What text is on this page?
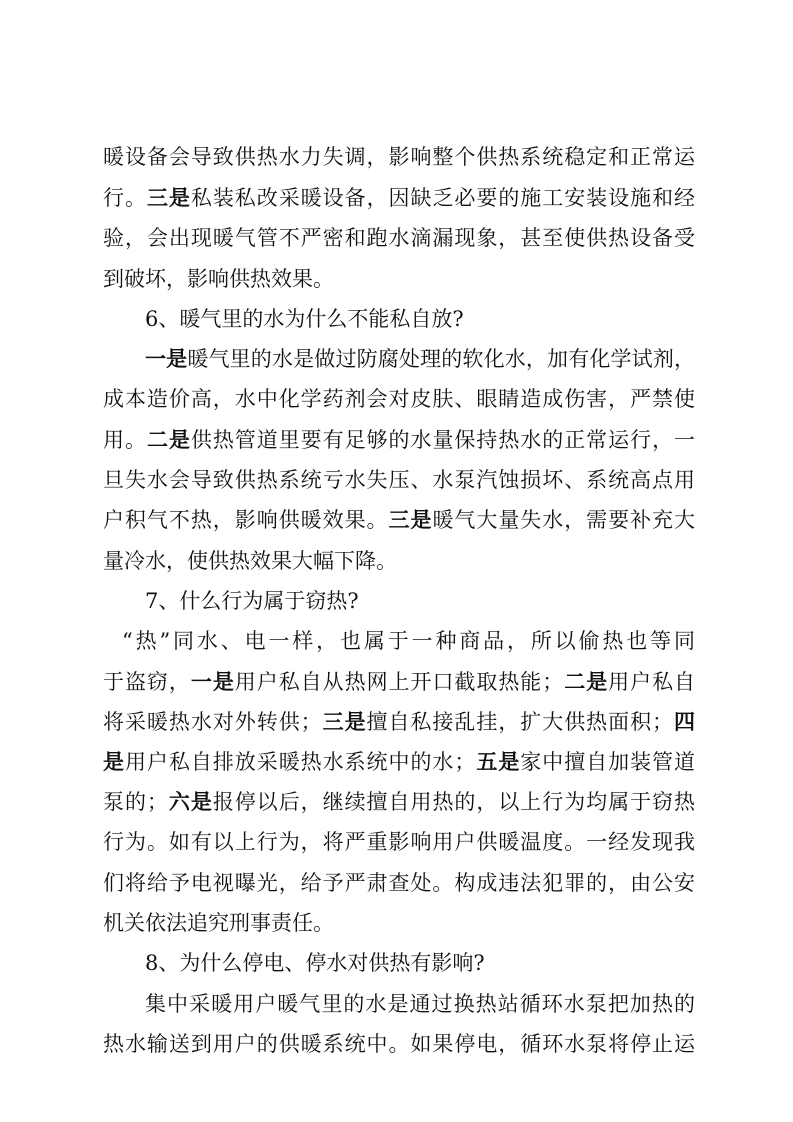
暖设备会导致供热水力失调，影响整个供热系统稳定和正常运
行。三是私装私改采暖设备，因缺乏必要的施工安装设施和经
验，会出现暖气管不严密和跑水滴漏现象，甚至使供热设备受
到破坏，影响供热效果。
6、暖气里的水为什么不能私自放?
一是暖气里的水是做过防腐处理的软化水，加有化学试剂，
成本造价高，水中化学药剂会对皮肤、眼睛造成伤害，严禁使
用。二是供热管道里要有足够的水量保持热水的正常运行，一
旦失水会导致供热系统亏水失压、水泵汽蚀损坏、系统高点用
户积气不热，影响供暖效果。三是暖气大量失水，需要补充大
量冷水，使供热效果大幅下降。
7、什么行为属于窃热?
“热”同水、电一样，也属于一种商品，所以偷热也等同
于盗窃，一是用户私自从热网上开口截取热能；二是用户私自
将采暖热水对外转供；三是擅自私接乱挂，扩大供热面积；四
是用户私自排放采暖热水系统中的水；五是家中擅自加装管道
泵的；六是报停以后，继续擅自用热的，以上行为均属于窃热
行为。如有以上行为，将严重影响用户供暖温度。一经发现我
们将给予电视曝光，给予严肃查处。构成违法犯罪的，由公安
机关依法追究刑事责任。
8、为什么停电、停水对供热有影响?
集中采暖用户暖气里的水是通过换热站循环水泵把加热的
热水输送到用户的供暖系统中。如果停电，循环水泵将停止运
